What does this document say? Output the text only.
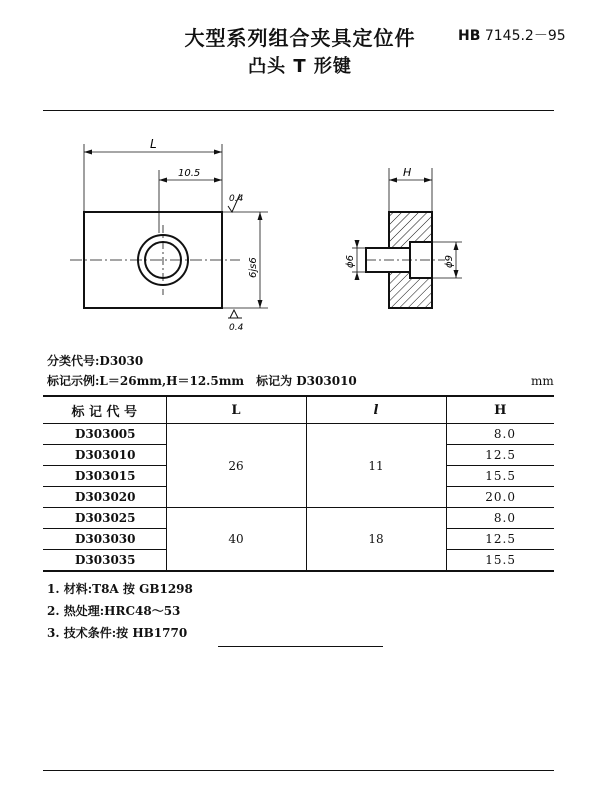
大型系列组合夹具定位件
凸头 T 形键
HB 7145.2－95
L
10.5
6js6
0.4
0.4
H
ϕ6	ϕ9
分类代号:D3030
标记示例:L＝26mm,H＝12.5mm　标记为 D303010	mm
标 记 代 号	L	l	H
D303005	26	11	8.0
D303010			12.5
D303015			15.5
D303020			20.0
D303025	40	18	8.0
D303030			12.5
D303035			15.5
1. 材料:T8A 按 GB1298
2. 热处理:HRC48～53
3. 技术条件:按 HB1770
